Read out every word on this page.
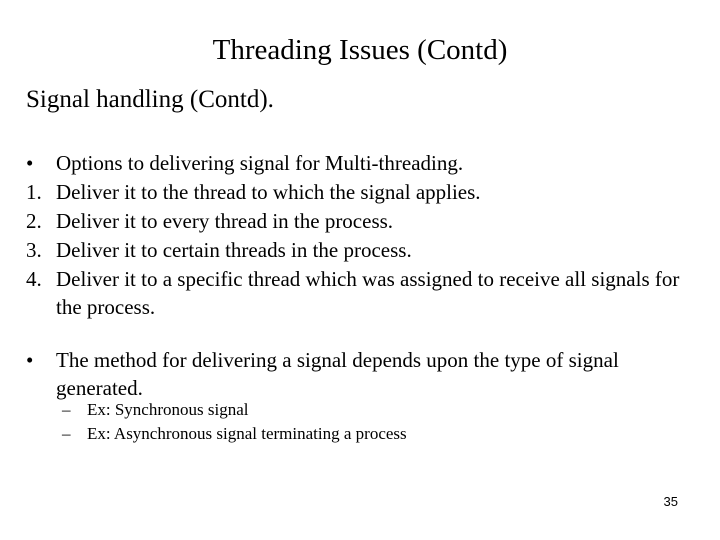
Threading Issues (Contd)
Signal handling (Contd).
• Options to delivering signal for Multi-threading.
1. Deliver it to the thread to which the signal applies.
2. Deliver it to every thread in the process.
3. Deliver it to certain threads in the process.
4. Deliver it to a specific thread which was assigned to receive all signals for the process.
• The method for delivering a signal depends upon the type of signal generated.
– Ex: Synchronous signal
– Ex: Asynchronous signal terminating a process
35
